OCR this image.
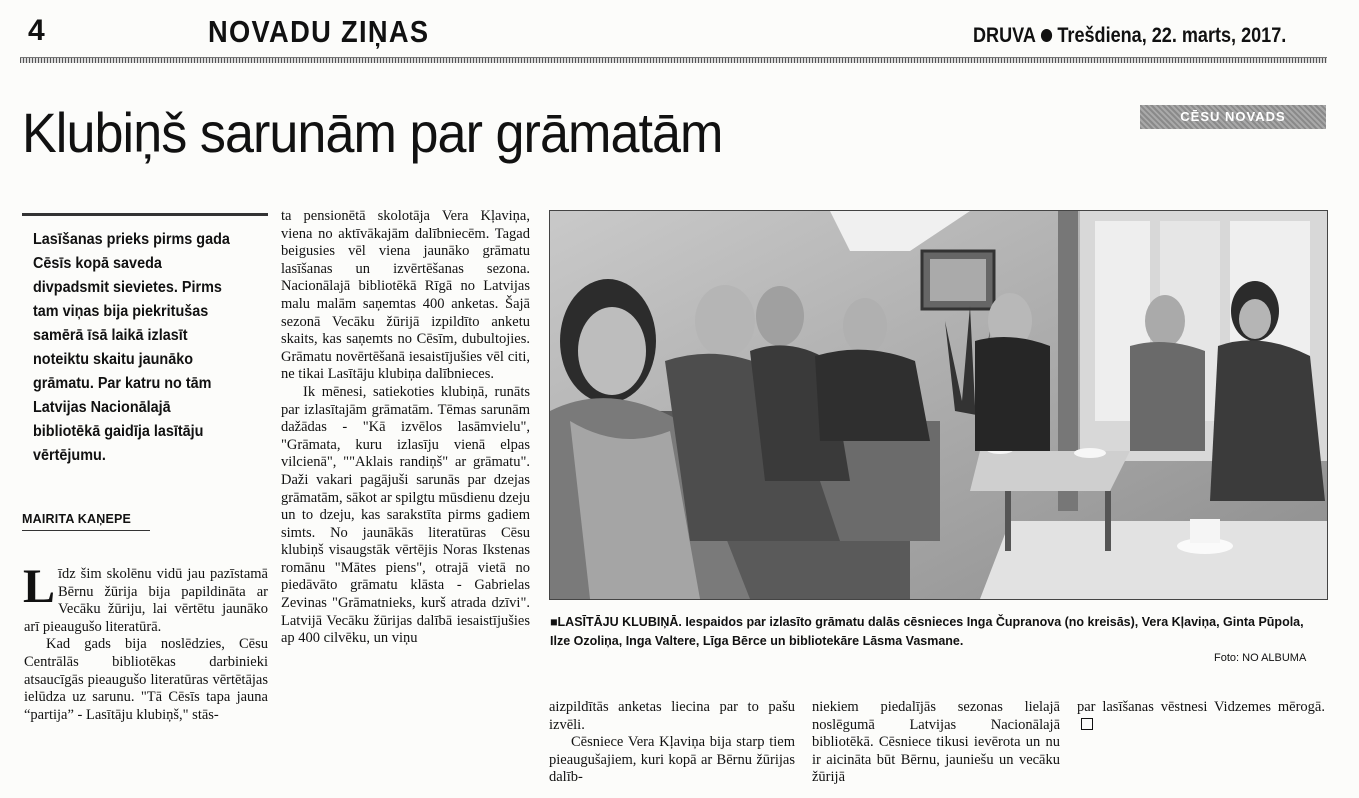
4	NOVADU ZIŅAS	DRUVA Trešdiena, 22. marts, 2017.
Klubiņš sarunām par grāmatām	CĒSU NOVADS
Lasīšanas prieks pirms gada Cēsīs kopā saveda divpadsmit sievietes. Pirms tam viņas bija piekritušas samērā īsā laikā izlasīt noteiktu skaitu jaunāko grāmatu. Par katru no tām Latvijas Nacionālajā bibliotēkā gaidīja lasītāju vērtējumu.
MAIRITA KAŅEPE

Līdz šim skolēnu vidū jau pazīstamā Bērnu žūrija bija papildināta ar Vecāku žūriju, lai vērtētu jaunāko arī pieaugušo literatūrā.

Kad gads bija noslēdzies, Cēsu Centrālās bibliotēkas darbinieki atsaucīgās pieaugušo literatūras vērtētājas ielūdza uz sarunu. "Tā Cēsīs tapa jauna “partija” - Lasītāju klubiņš," stās-

ta pensionētā skolotāja Vera Kļaviņa, viena no aktīvākajām dalībniecēm. Tagad beigusies vēl viena jaunāko grāmatu lasīšanas un izvērtēšanas sezona. Nacionālajā bibliotēkā Rīgā no Latvijas malu malām saņemtas 400 anketas. Šajā sezonā Vecāku žūrijā izpildīto anketu skaits, kas saņemts no Cēsīm, dubultojies. Grāmatu novērtēšanā iesaistījušies vēl citi, ne tikai Lasītāju klubiņa dalībnieces.

Ik mēnesi, satiekoties klubiņā, runāts par izlasītajām grāmatām. Tēmas sarunām dažādas - "Kā izvēlos lasāmvielu", "Grāmata, kuru izlasīju vienā elpas vilcienā", ""Aklais randiņš" ar grāmatu". Daži vakari pagājuši sarunās par dzejas grāmatām, sākot ar spilgtu mūsdienu dzeju un to dzeju, kas sarakstīta pirms gadiem simts. No jaunākās literatūras Cēsu klubiņš visaugstāk vērtējis Noras Ikstenas romānu "Mātes piens", otrajā vietā no piedāvāto grāmatu klāsta - Gabrielas Zevinas "Grāmatnieks, kurš atrada dzīvi". Latvijā Vecāku žūrijas dalībā iesaistījušies ap 400 cilvēku, un viņu

■LASĪTĀJU KLUBIŅĀ. Iespaidos par izlasīto grāmatu dalās cēsnieces Inga Čupranova (no kreisās), Vera Kļaviņa, Ginta Pūpola, Ilze Ozoliņa, Inga Valtere, Līga Bērce un bibliotekāre Lāsma Vasmane.
Foto: NO ALBUMA

aizpildītās anketas liecina par to pašu izvēli.

Cēsniece Vera Kļaviņa bija starp tiem pieaugušajiem, kuri kopā ar Bērnu žūrijas dalīb-

niekiem piedalījās sezonas lielajā noslēgumā Latvijas Nacionālajā bibliotēkā. Cēsniece tikusi ievērota un nu ir aicināta būt Bērnu, jauniešu un vecāku žūrijā

par lasīšanas vēstnesi Vidzemes mērogā.
